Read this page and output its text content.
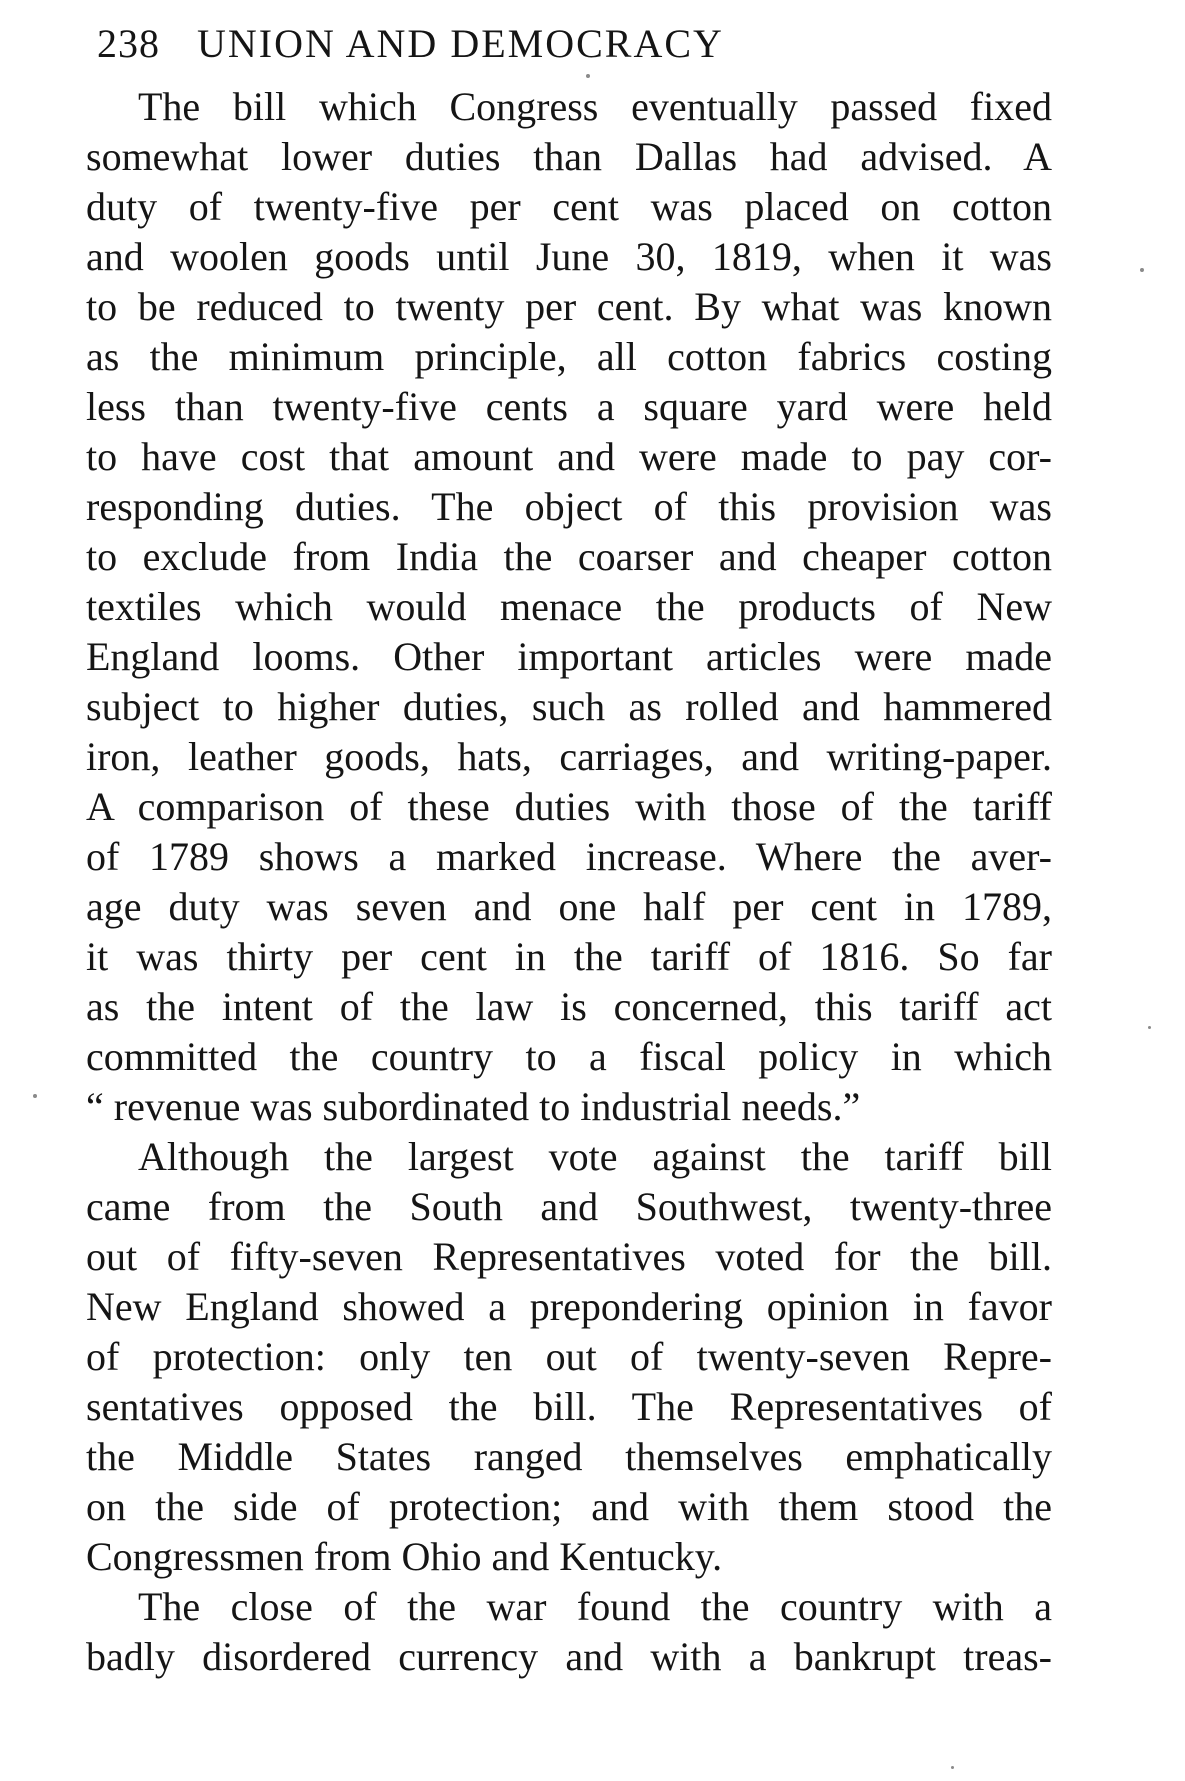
238 UNION AND DEMOCRACY
The bill which Congress eventually passed fixed
somewhat lower duties than Dallas had advised. A
duty of twenty-five per cent was placed on cotton
and woolen goods until June 30, 1819, when it was
to be reduced to twenty per cent. By what was known
as the minimum principle, all cotton fabrics costing
less than twenty-five cents a square yard were held
to have cost that amount and were made to pay cor-
responding duties. The object of this provision was
to exclude from India the coarser and cheaper cotton
textiles which would menace the products of New
England looms. Other important articles were made
subject to higher duties, such as rolled and hammered
iron, leather goods, hats, carriages, and writing-paper.
A comparison of these duties with those of the tariff
of 1789 shows a marked increase. Where the aver-
age duty was seven and one half per cent in 1789,
it was thirty per cent in the tariff of 1816. So far
as the intent of the law is concerned, this tariff act
committed the country to a fiscal policy in which
“ revenue was subordinated to industrial needs.”
Although the largest vote against the tariff bill
came from the South and Southwest, twenty-three
out of fifty-seven Representatives voted for the bill.
New England showed a prepondering opinion in favor
of protection: only ten out of twenty-seven Repre-
sentatives opposed the bill. The Representatives of
the Middle States ranged themselves emphatically
on the side of protection; and with them stood the
Congressmen from Ohio and Kentucky.
The close of the war found the country with a
badly disordered currency and with a bankrupt treas-
